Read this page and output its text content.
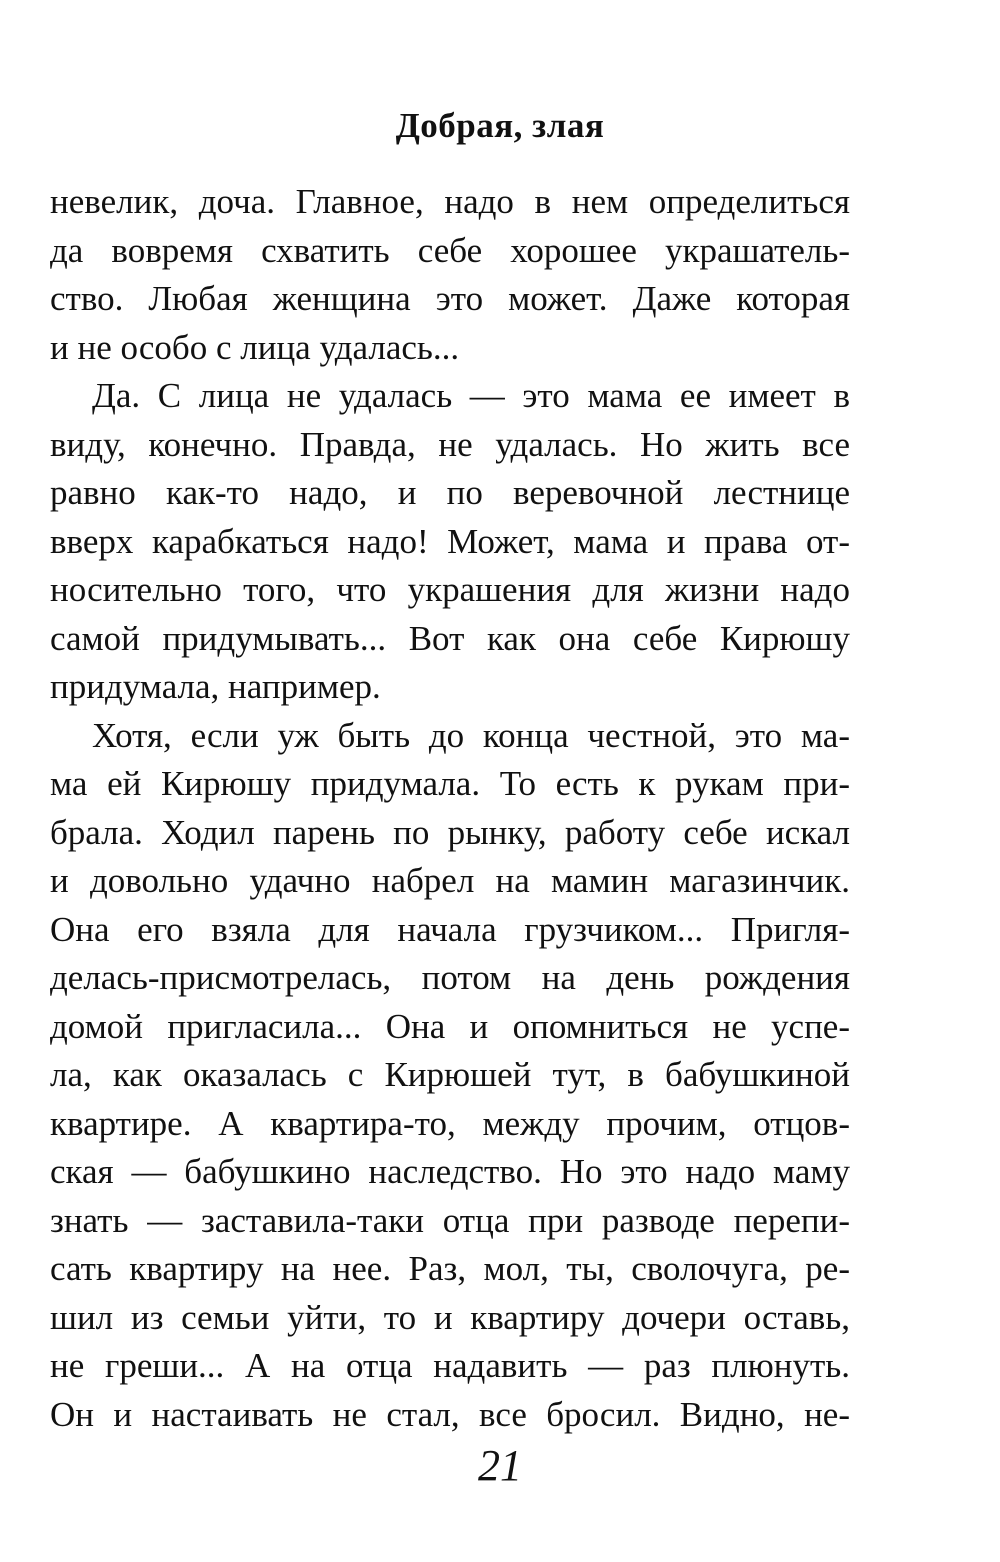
Добрая, злая
невелик, доча. Главное, надо в нем определиться
да вовремя схватить себе хорошее украшатель-
ство. Любая женщина это может. Даже которая
и не особо с лица удалась...
Да. С лица не удалась — это мама ее имеет в
виду, конечно. Правда, не удалась. Но жить все
равно как-то надо, и по веревочной лестнице
вверх карабкаться надо! Может, мама и права от-
носительно того, что украшения для жизни надо
самой придумывать... Вот как она себе Кирюшу
придумала, например.
Хотя, если уж быть до конца честной, это ма-
ма ей Кирюшу придумала. То есть к рукам при-
брала. Ходил парень по рынку, работу себе искал
и довольно удачно набрел на мамин магазинчик.
Она его взяла для начала грузчиком... Пригля-
делась-присмотрелась, потом на день рождения
домой пригласила... Она и опомниться не успе-
ла, как оказалась с Кирюшей тут, в бабушкиной
квартире. А квартира-то, между прочим, отцов-
ская — бабушкино наследство. Но это надо маму
знать — заставила-таки отца при разводе перепи-
сать квартиру на нее. Раз, мол, ты, сволочуга, ре-
шил из семьи уйти, то и квартиру дочери оставь,
не греши... А на отца надавить — раз плюнуть.
Он и настаивать не стал, все бросил. Видно, не-
21
